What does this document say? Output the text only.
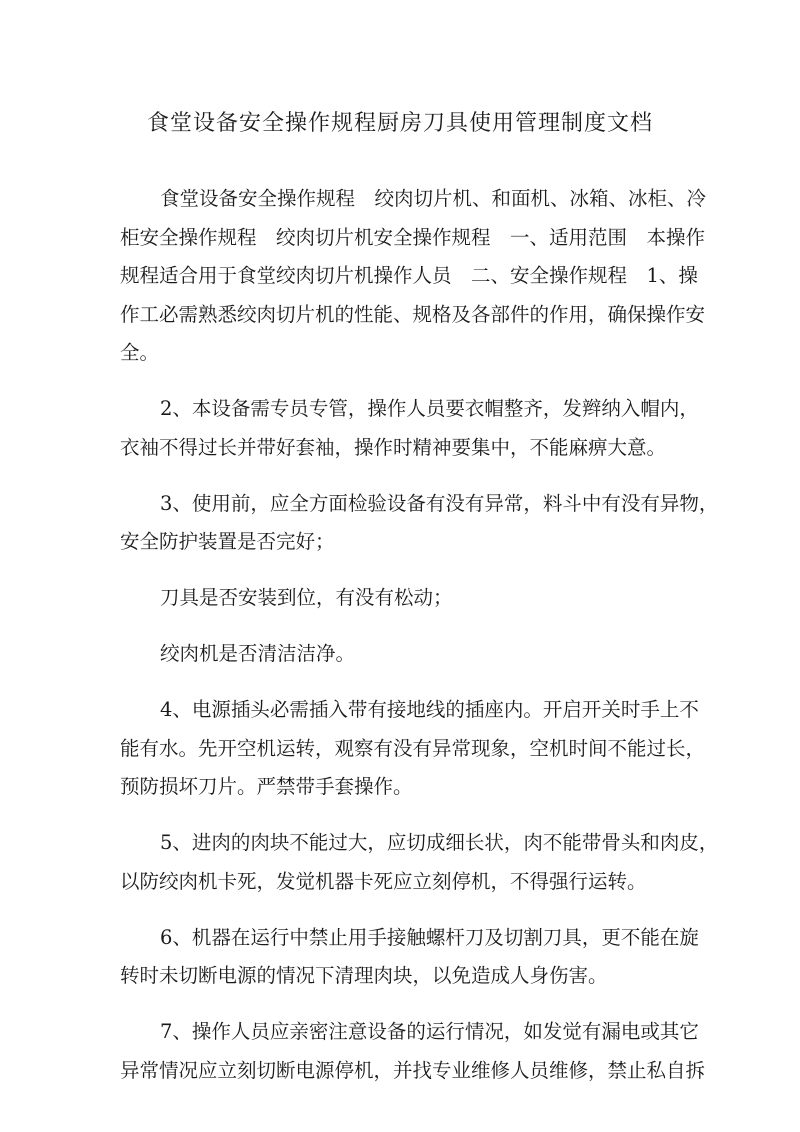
食堂设备安全操作规程厨房刀具使用管理制度文档
食堂设备安全操作规程　绞肉切片机、和面机、冰箱、冰柜、冷
柜安全操作规程　绞肉切片机安全操作规程　一、适用范围　本操作
规程适合用于食堂绞肉切片机操作人员　二、安全操作规程　1、操
作工必需熟悉绞肉切片机的性能、规格及各部件的作用，确保操作安
全。
2、本设备需专员专管，操作人员要衣帽整齐，发辫纳入帽内，
衣袖不得过长并带好套袖，操作时精神要集中，不能麻痹大意。
3、使用前，应全方面检验设备有没有异常，料斗中有没有异物，
安全防护装置是否完好；
刀具是否安装到位，有没有松动；
绞肉机是否清洁洁净。
4、电源插头必需插入带有接地线的插座内。开启开关时手上不
能有水。先开空机运转，观察有没有异常现象，空机时间不能过长，
预防损坏刀片。严禁带手套操作。
5、进肉的肉块不能过大，应切成细长状，肉不能带骨头和肉皮，
以防绞肉机卡死，发觉机器卡死应立刻停机，不得强行运转。
6、机器在运行中禁止用手接触螺杆刀及切割刀具，更不能在旋
转时未切断电源的情况下清理肉块，以免造成人身伤害。
7、操作人员应亲密注意设备的运行情况，如发觉有漏电或其它
异常情况应立刻切断电源停机，并找专业维修人员维修，禁止私自拆
